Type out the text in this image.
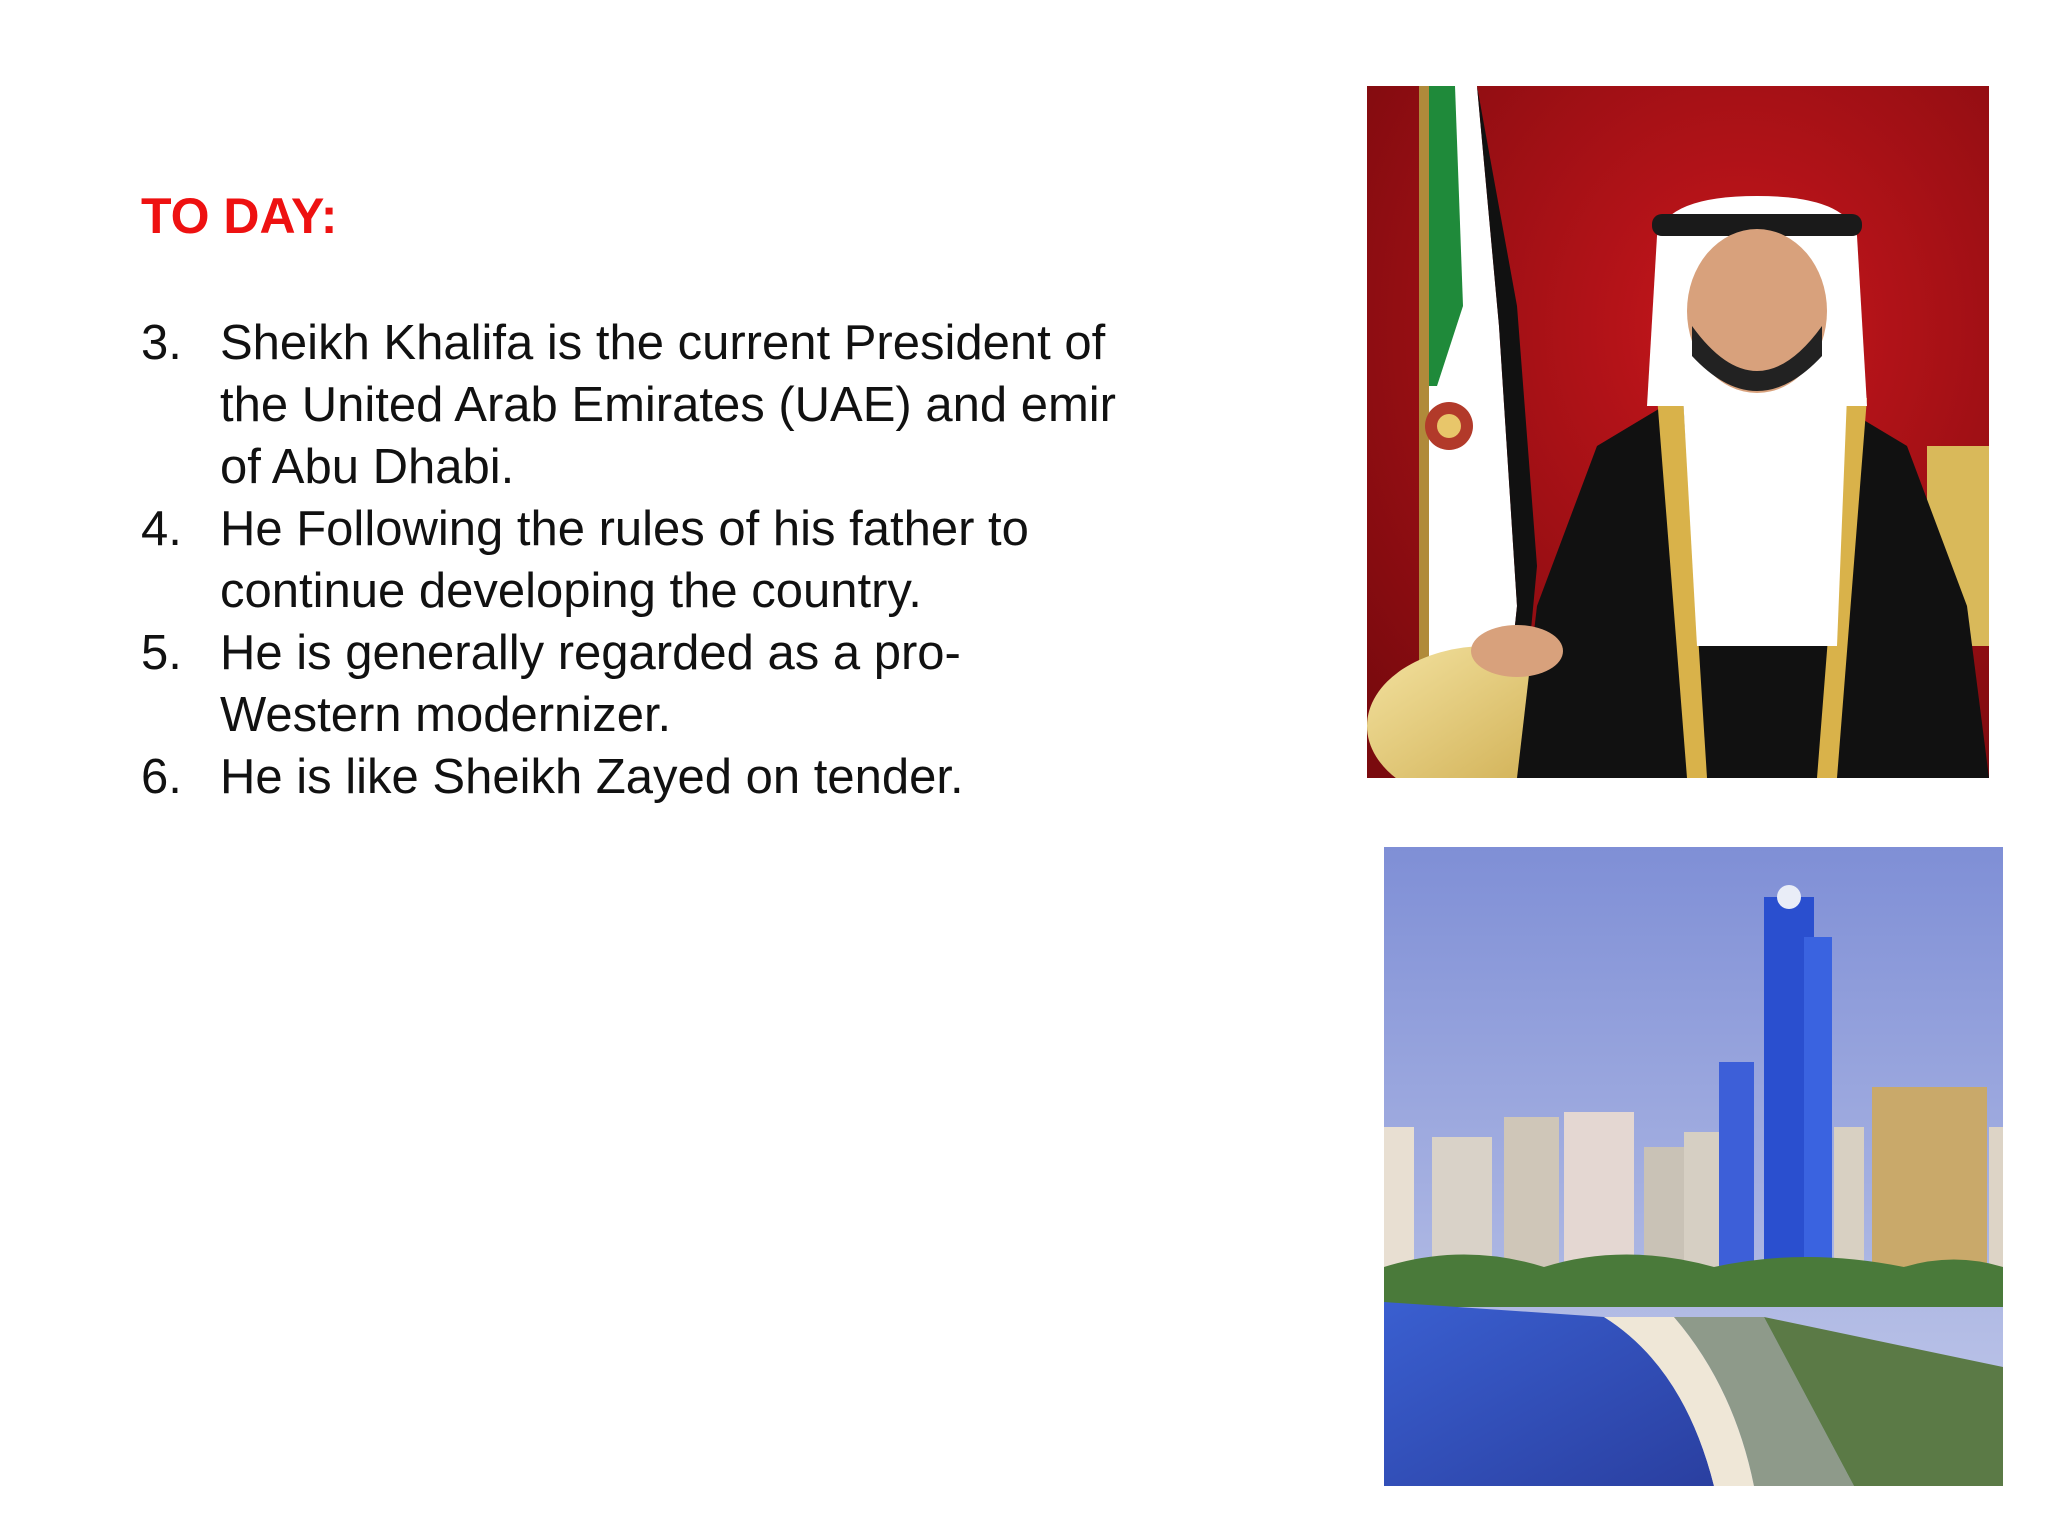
TO DAY:
3. Sheikh Khalifa is the current President of the United Arab Emirates (UAE) and emir of Abu Dhabi.
4. He Following the rules of his father to continue developing the country.
5. He is generally regarded as a pro-Western modernizer.
6. He is like Sheikh Zayed on tender.
